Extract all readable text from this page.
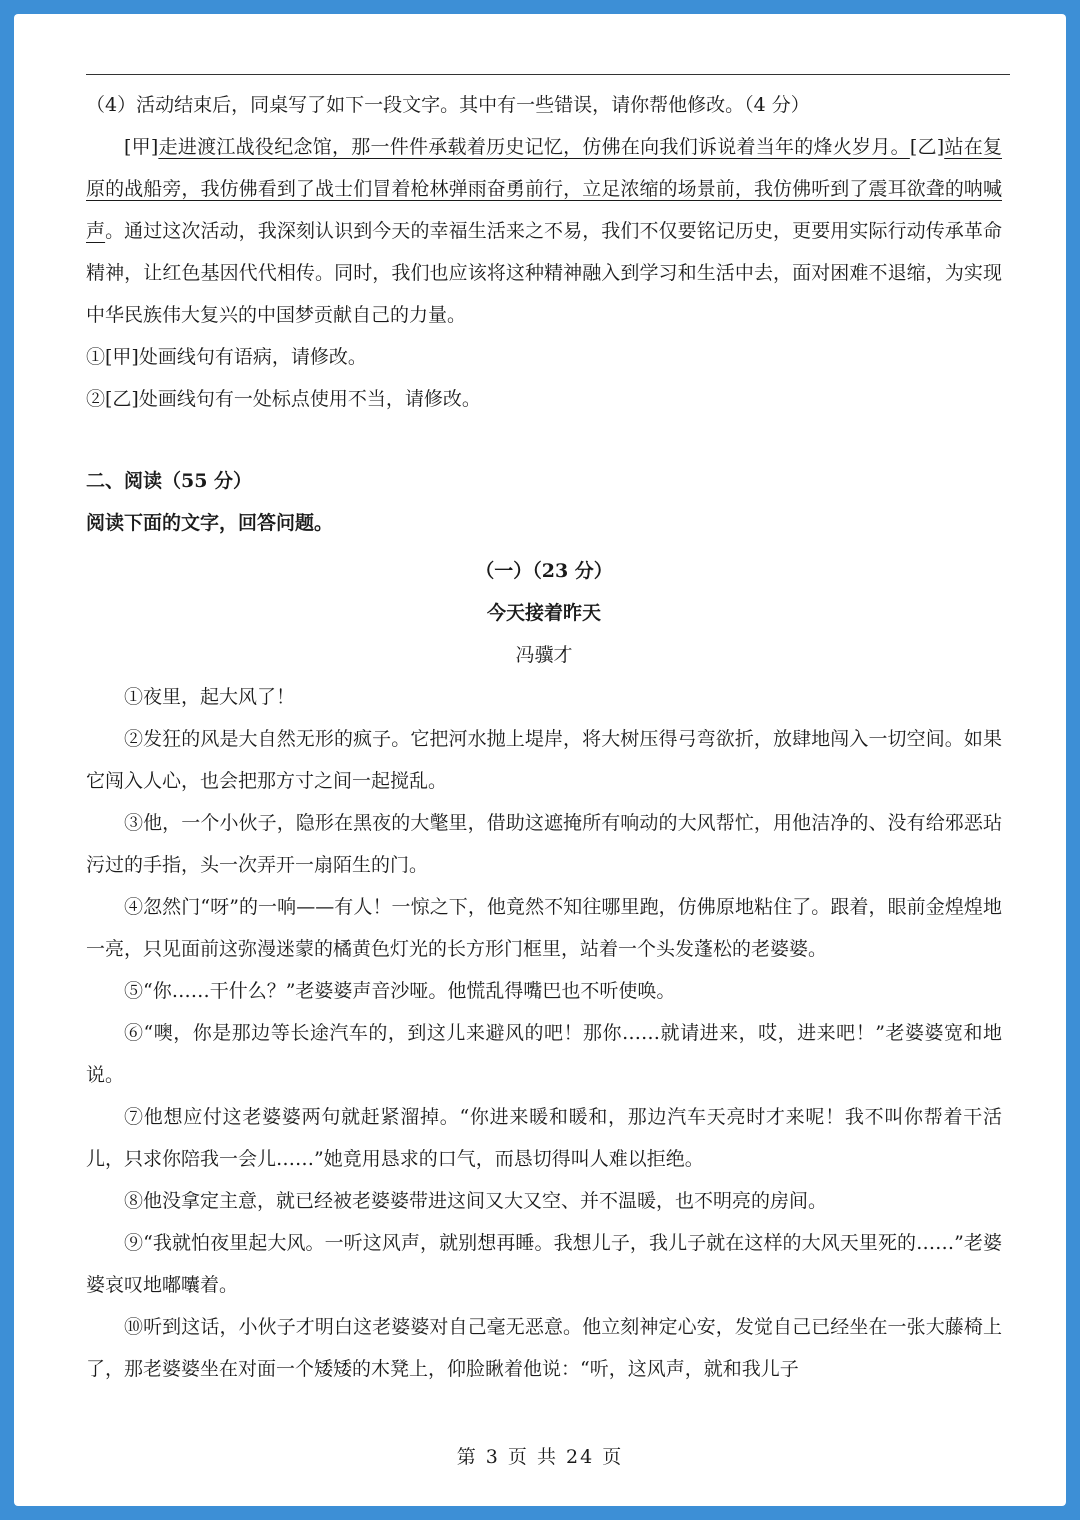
（4）活动结束后，同桌写了如下一段文字。其中有一些错误，请你帮他修改。（4 分）

[甲]走进渡江战役纪念馆，那一件件承载着历史记忆，仿佛在向我们诉说着当年的烽火岁月。[乙]站在复原的战船旁，我仿佛看到了战士们冒着枪林弹雨奋勇前行，立足浓缩的场景前，我仿佛听到了震耳欲聋的呐喊声。通过这次活动，我深刻认识到今天的幸福生活来之不易，我们不仅要铭记历史，更要用实际行动传承革命精神，让红色基因代代相传。同时，我们也应该将这种精神融入到学习和生活中去，面对困难不退缩，为实现中华民族伟大复兴的中国梦贡献自己的力量。

①[甲]处画线句有语病，请修改。

②[乙]处画线句有一处标点使用不当，请修改。

二、阅读（55 分）

阅读下面的文字，回答问题。

（一）（23 分）

今天接着昨天

冯骥才

①夜里，起大风了！

②发狂的风是大自然无形的疯子。它把河水抛上堤岸，将大树压得弓弯欲折，放肆地闯入一切空间。如果它闯入人心，也会把那方寸之间一起搅乱。

③他，一个小伙子，隐形在黑夜的大氅里，借助这遮掩所有响动的大风帮忙，用他洁净的、没有给邪恶玷污过的手指，头一次弄开一扇陌生的门。

④忽然门“呀”的一响——有人！一惊之下，他竟然不知往哪里跑，仿佛原地粘住了。跟着，眼前金煌煌地一亮，只见面前这弥漫迷蒙的橘黄色灯光的长方形门框里，站着一个头发蓬松的老婆婆。

⑤“你……干什么？”老婆婆声音沙哑。他慌乱得嘴巴也不听使唤。

⑥“噢，你是那边等长途汽车的，到这儿来避风的吧！那你……就请进来，哎，进来吧！”老婆婆宽和地说。

⑦他想应付这老婆婆两句就赶紧溜掉。“你进来暖和暖和，那边汽车天亮时才来呢！我不叫你帮着干活儿，只求你陪我一会儿……”她竟用恳求的口气，而恳切得叫人难以拒绝。

⑧他没拿定主意，就已经被老婆婆带进这间又大又空、并不温暖，也不明亮的房间。

⑨“我就怕夜里起大风。一听这风声，就别想再睡。我想儿子，我儿子就在这样的大风天里死的……”老婆婆哀叹地嘟囔着。

⑩听到这话，小伙子才明白这老婆婆对自己毫无恶意。他立刻神定心安，发觉自己已经坐在一张大藤椅上了，那老婆婆坐在对面一个矮矮的木凳上，仰脸瞅着他说：“听，这风声，就和我儿子

第 3 页 共 24 页
